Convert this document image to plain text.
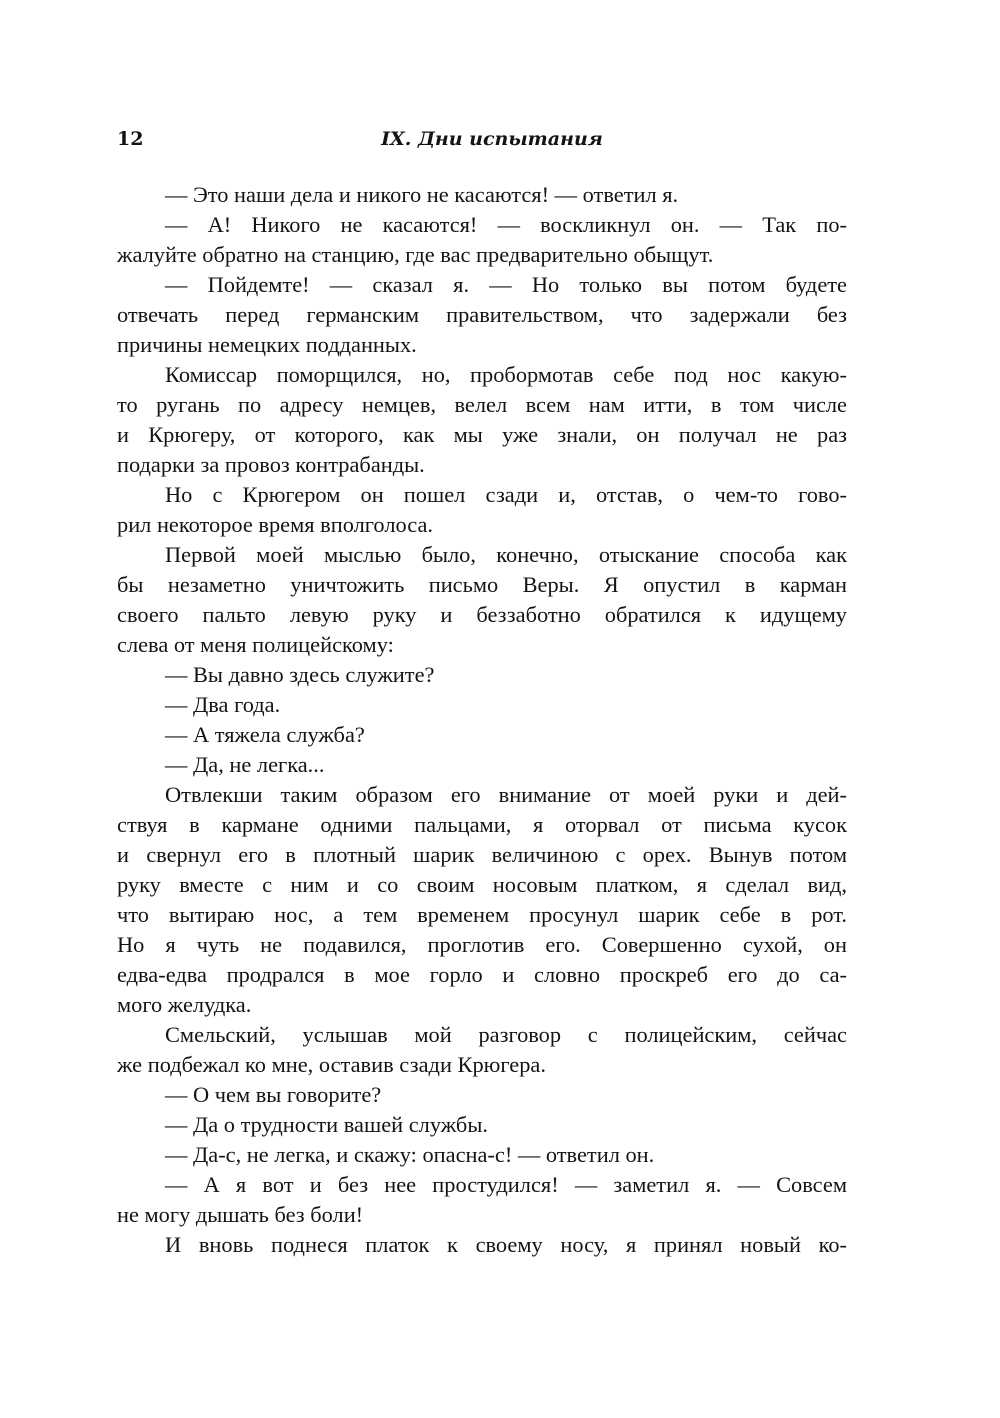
12	IX. Дни испытания
— Это наши дела и никого не касаются! — ответил я.
— А! Никого не касаются! — воскликнул он. — Так по-
жалуйте обратно на станцию, где вас предварительно обыщут.
— Пойдемте! — сказал я. — Но только вы потом будете
отвечать перед германским правительством, что задержали без
причины немецких подданных.
Комиссар поморщился, но, пробормотав себе под нос какую-
то ругань по адресу немцев, велел всем нам итти, в том числе
и Крюгеру, от которого, как мы уже знали, он получал не раз
подарки за провоз контрабанды.
Но с Крюгером он пошел сзади и, отстав, о чем-то гово-
рил некоторое время вполголоса.
Первой моей мыслью было, конечно, отыскание способа как
бы незаметно уничтожить письмо Веры. Я опустил в карман
своего пальто левую руку и беззаботно обратился к идущему
слева от меня полицейскому:
— Вы давно здесь служите?
— Два года.
— А тяжела служба?
— Да, не легка...
Отвлекши таким образом его внимание от моей руки и дей-
ствуя в кармане одними пальцами, я оторвал от письма кусок
и свернул его в плотный шарик величиною с орех. Вынув потом
руку вместе с ним и со своим носовым платком, я сделал вид,
что вытираю нос, а тем временем просунул шарик себе в рот.
Но я чуть не подавился, проглотив его. Совершенно сухой, он
едва-едва продрался в мое горло и словно проскреб его до са-
мого желудка.
Смельский, услышав мой разговор с полицейским, сейчас
же подбежал ко мне, оставив сзади Крюгера.
— О чем вы говорите?
— Да о трудности вашей службы.
— Да-с, не легка, и скажу: опасна-с! — ответил он.
— А я вот и без нее простудился! — заметил я. — Совсем
не могу дышать без боли!
И вновь поднеся платок к своему носу, я принял новый ко-
